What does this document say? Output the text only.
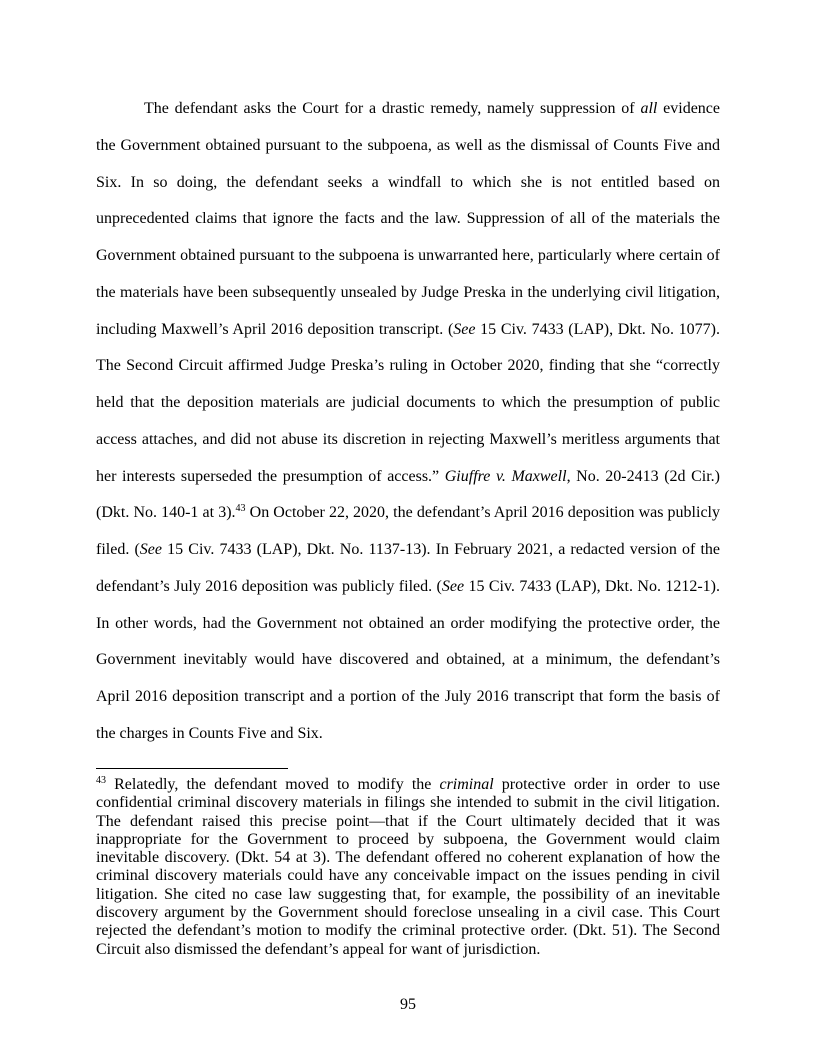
The defendant asks the Court for a drastic remedy, namely suppression of all evidence the Government obtained pursuant to the subpoena, as well as the dismissal of Counts Five and Six. In so doing, the defendant seeks a windfall to which she is not entitled based on unprecedented claims that ignore the facts and the law. Suppression of all of the materials the Government obtained pursuant to the subpoena is unwarranted here, particularly where certain of the materials have been subsequently unsealed by Judge Preska in the underlying civil litigation, including Maxwell’s April 2016 deposition transcript. (See 15 Civ. 7433 (LAP), Dkt. No. 1077). The Second Circuit affirmed Judge Preska’s ruling in October 2020, finding that she “correctly held that the deposition materials are judicial documents to which the presumption of public access attaches, and did not abuse its discretion in rejecting Maxwell’s meritless arguments that her interests superseded the presumption of access.” Giuffre v. Maxwell, No. 20-2413 (2d Cir.) (Dkt. No. 140-1 at 3).$^{43}$ On October 22, 2020, the defendant’s April 2016 deposition was publicly filed. (See 15 Civ. 7433 (LAP), Dkt. No. 1137-13). In February 2021, a redacted version of the defendant’s July 2016 deposition was publicly filed. (See 15 Civ. 7433 (LAP), Dkt. No. 1212-1). In other words, had the Government not obtained an order modifying the protective order, the Government inevitably would have discovered and obtained, at a minimum, the defendant’s April 2016 deposition transcript and a portion of the July 2016 transcript that form the basis of the charges in Counts Five and Six.

$^{43}$ Relatedly, the defendant moved to modify the criminal protective order in order to use confidential criminal discovery materials in filings she intended to submit in the civil litigation. The defendant raised this precise point—that if the Court ultimately decided that it was inappropriate for the Government to proceed by subpoena, the Government would claim inevitable discovery. (Dkt. 54 at 3). The defendant offered no coherent explanation of how the criminal discovery materials could have any conceivable impact on the issues pending in civil litigation. She cited no case law suggesting that, for example, the possibility of an inevitable discovery argument by the Government should foreclose unsealing in a civil case. This Court rejected the defendant’s motion to modify the criminal protective order. (Dkt. 51). The Second Circuit also dismissed the defendant’s appeal for want of jurisdiction.

95
